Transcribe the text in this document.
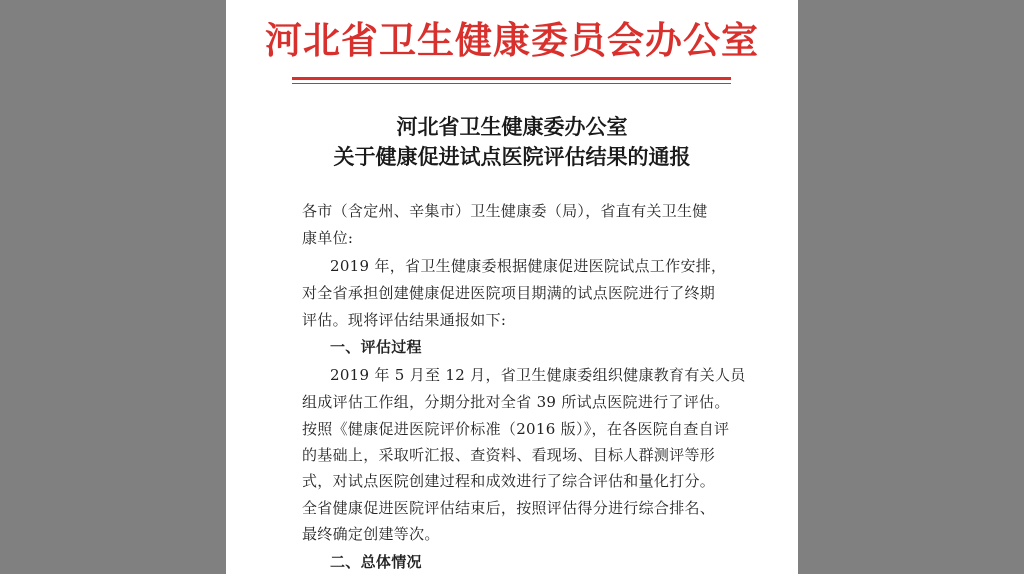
河北省卫生健康委员会办公室
河北省卫生健康委办公室
关于健康促进试点医院评估结果的通报
各市（含定州、辛集市）卫生健康委（局），省直有关卫生健
康单位:
2019 年，省卫生健康委根据健康促进医院试点工作安排，
对全省承担创建健康促进医院项目期满的试点医院进行了终期
评估。现将评估结果通报如下:
一、评估过程
2019 年 5 月至 12 月，省卫生健康委组织健康教育有关人员
组成评估工作组，分期分批对全省 39 所试点医院进行了评估。
按照《健康促进医院评价标准（2016 版）》，在各医院自查自评
的基础上，采取听汇报、查资料、看现场、目标人群测评等形
式，对试点医院创建过程和成效进行了综合评估和量化打分。
全省健康促进医院评估结束后，按照评估得分进行综合排名、
最终确定创建等次。
二、总体情况
